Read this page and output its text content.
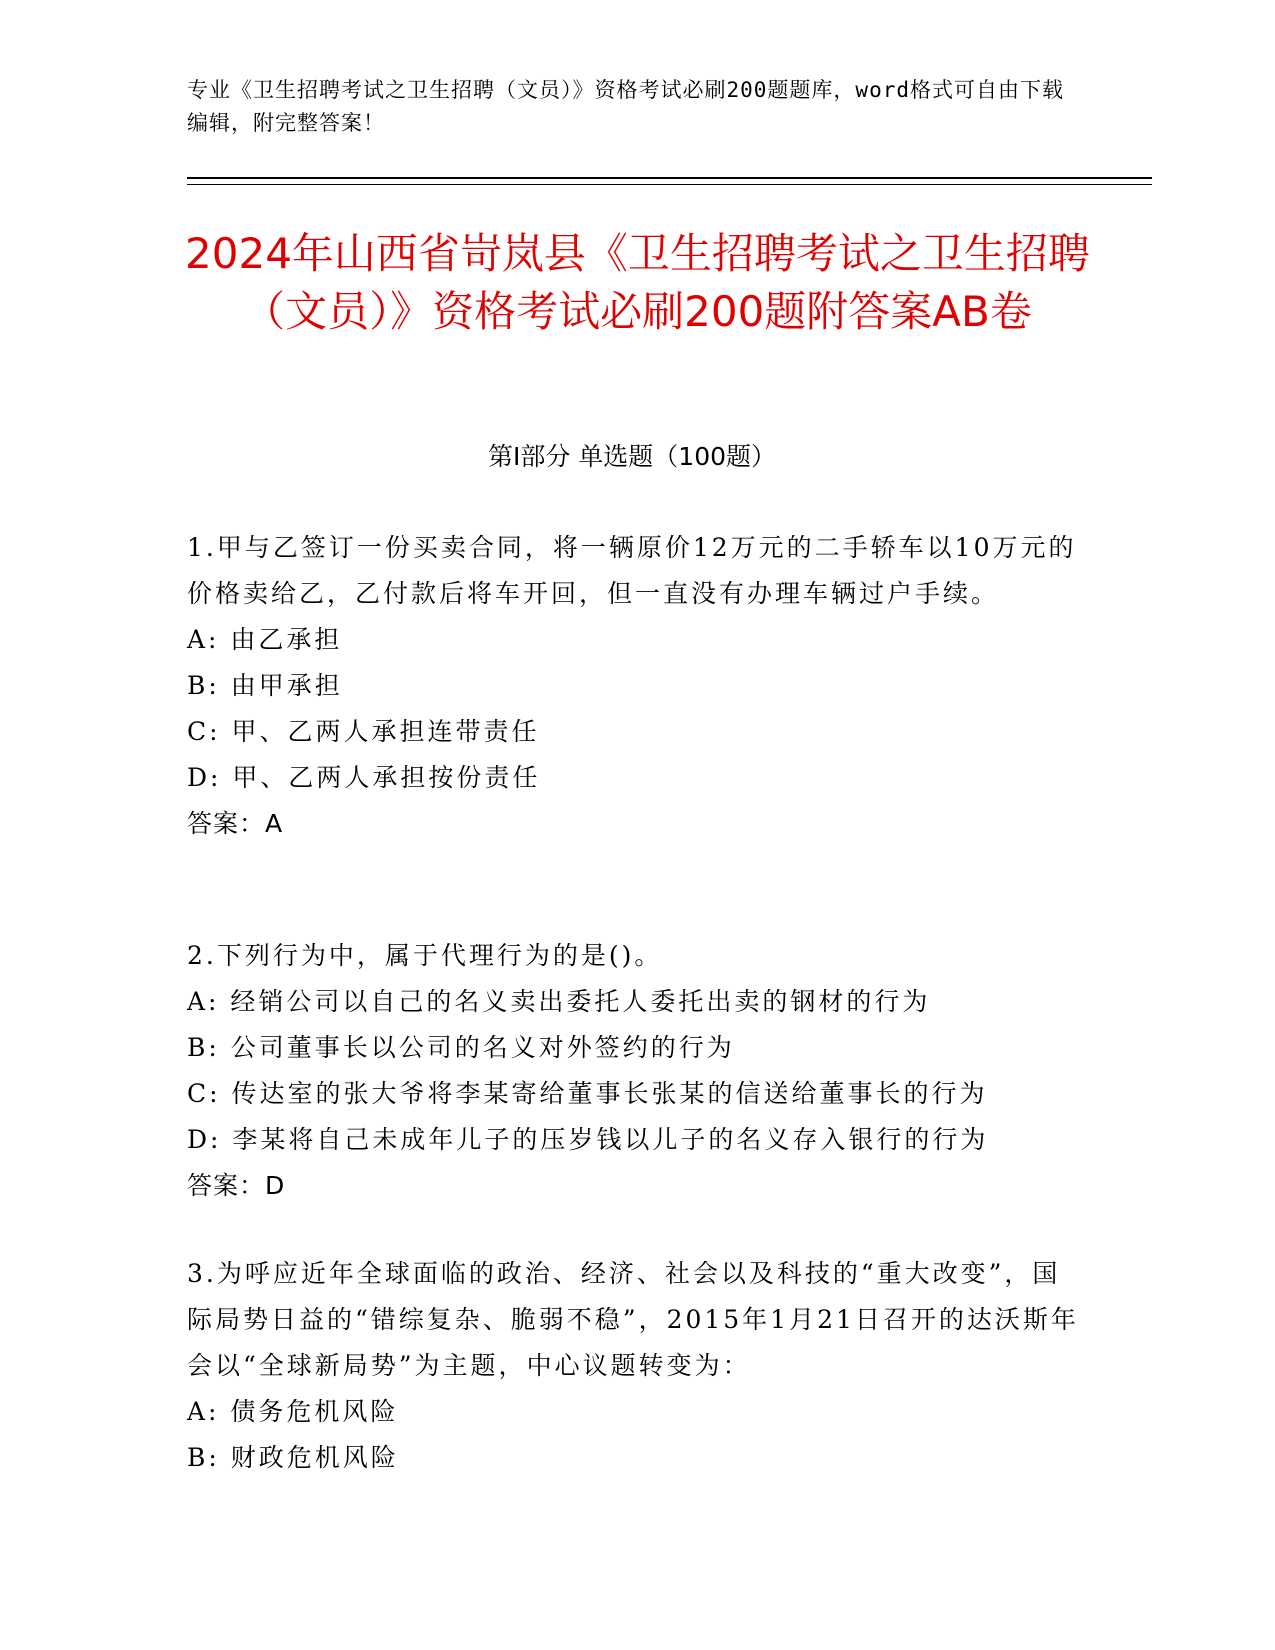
专业《卫生招聘考试之卫生招聘（文员）》资格考试必刷200题题库，word格式可自由下载编辑，附完整答案！
2024年山西省岢岚县《卫生招聘考试之卫生招聘（文员）》资格考试必刷200题附答案AB卷
第I部分 单选题（100题）
1.甲与乙签订一份买卖合同，将一辆原价12万元的二手轿车以10万元的价格卖给乙，乙付款后将车开回，但一直没有办理车辆过户手续。
A: 由乙承担
B: 由甲承担
C: 甲、乙两人承担连带责任
D: 甲、乙两人承担按份责任
答案：A
2.下列行为中，属于代理行为的是()。
A: 经销公司以自己的名义卖出委托人委托出卖的钢材的行为
B: 公司董事长以公司的名义对外签约的行为
C: 传达室的张大爷将李某寄给董事长张某的信送给董事长的行为
D: 李某将自己未成年儿子的压岁钱以儿子的名义存入银行的行为
答案：D
3.为呼应近年全球面临的政治、经济、社会以及科技的“重大改变”，国际局势日益的“错综复杂、脆弱不稳”，2015年1月21日召开的达沃斯年会以“全球新局势”为主题，中心议题转变为：
A: 债务危机风险
B: 财政危机风险
